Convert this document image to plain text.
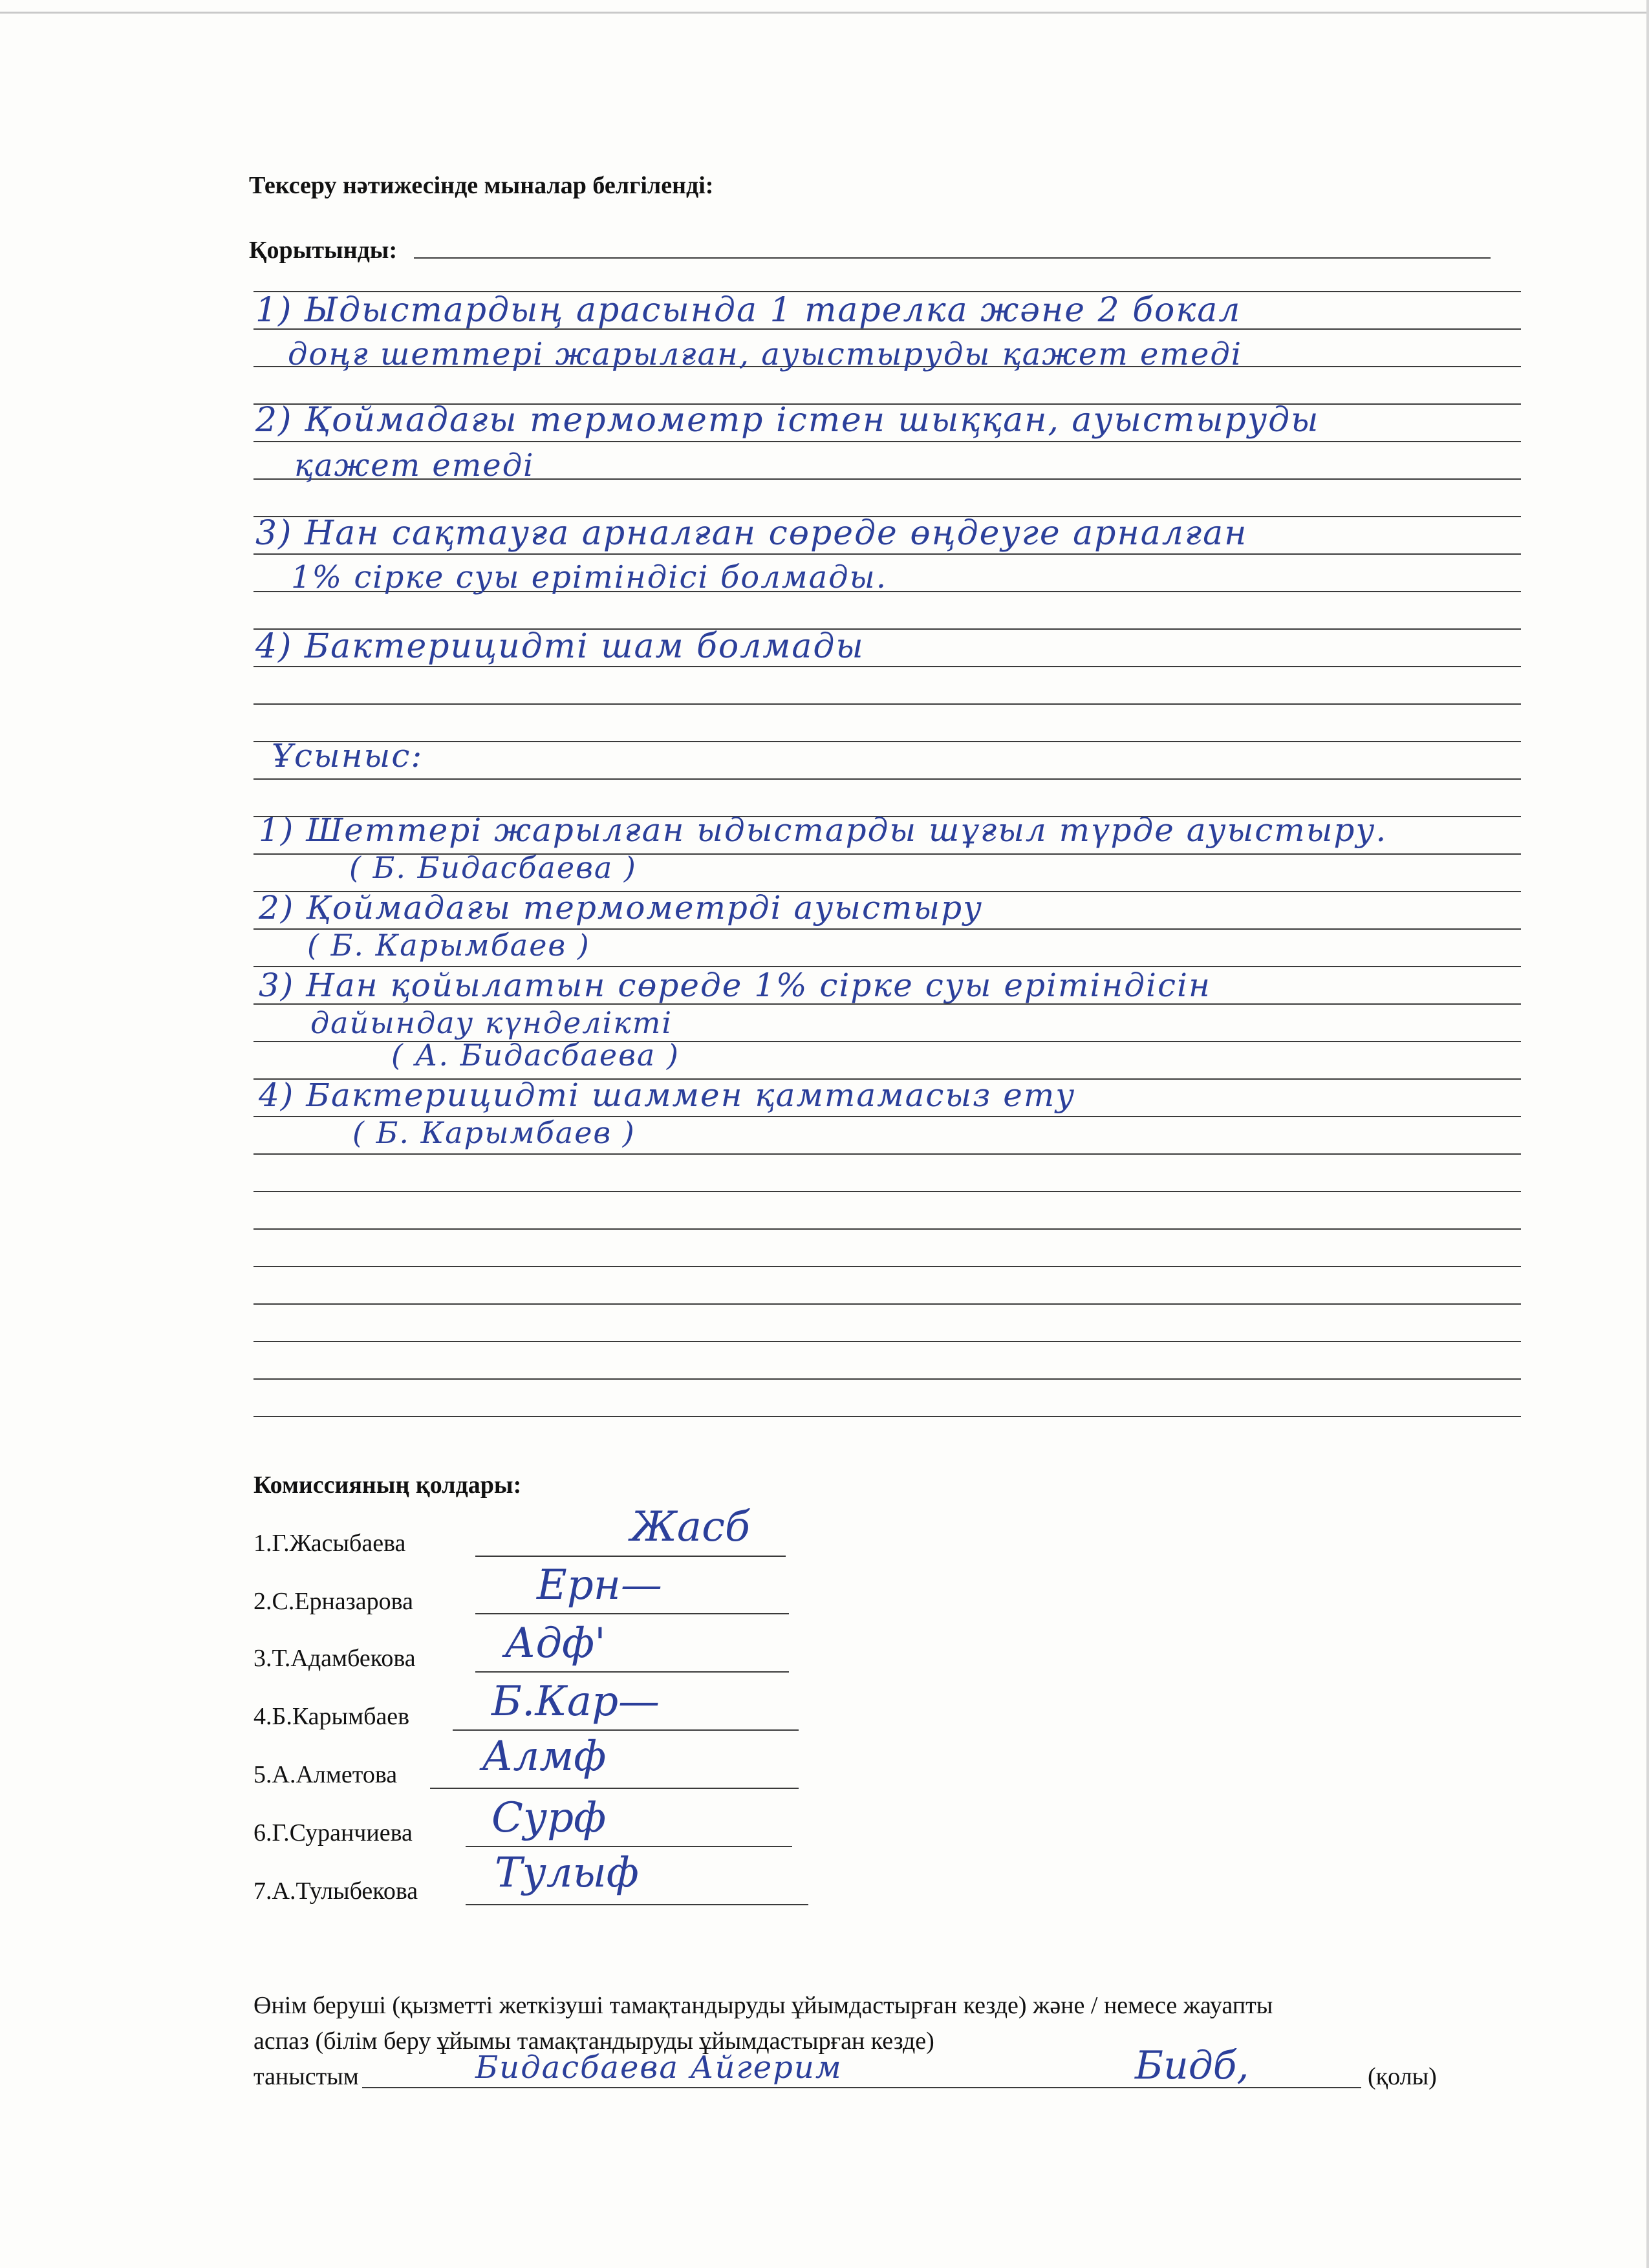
Тексеру нәтижесінде мыналар белгіленді:
Қорытынды:
1) Ыдыстардың арасында 1 тарелка және 2 бокал
доңғ шеттері жарылған, ауыстыруды қажет етеді
2) Қоймадағы термометр істен шыққан, ауыстыруды
қажет етеді
3) Нан сақтауға арналған сөреде өңдеуге арналған
1% сірке суы ерітіндісі болмады.
4) Бактерицидті шам болмады
Ұсыныс:
1) Шеттері жарылған ыдыстарды шұғыл түрде ауыстыру.
( Б. Бидасбаева )
2) Қоймадағы термометрді ауыстыру
( Б. Карымбаев )
3) Нан қойылатын сөреде 1% сірке суы ерітіндісін
дайындау күнделікті
( А. Бидасбаева )
4) Бактерицидті шаммен қамтамасыз ету
( Б. Карымбаев )
Комиссияның қолдары:
1.Г.Жасыбаева	Жасб
2.С.Ерназарова	Ерн—
3.Т.Адамбекова Адф'
4.Б.Карымбаев Б.Кар—
5.А.Алметова Алмф
6.Г.Суранчиева Сурф
7.А.Тулыбекова Тулыф
Өнім беруші (қызметті жеткізуші тамақтандыруды ұйымдастырған кезде) және / немесе жауапты
аспаз (білім беру ұйымы тамақтандыруды ұйымдастырған кезде)
таныстым	Бидасбаева Айгерим	Бидб,	(қолы)
